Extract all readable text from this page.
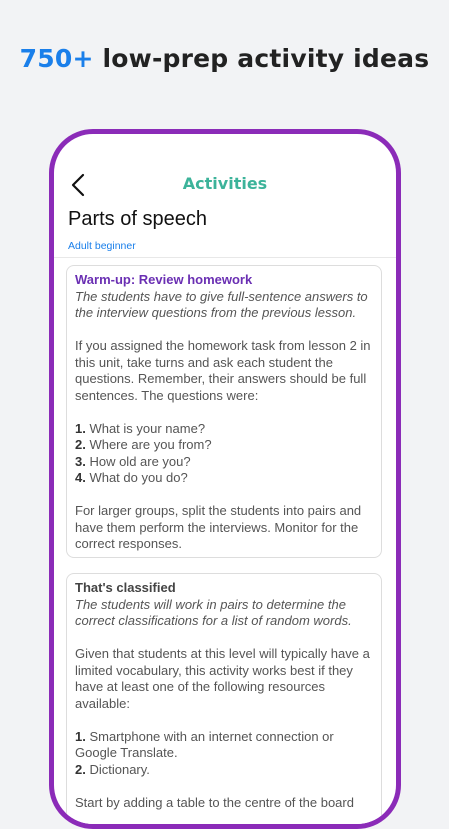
750+ low-prep activity ideas
Activities
Parts of speech
Adult beginner
Warm-up: Review homework
The students have to give full-sentence answers to the interview questions from the previous lesson.
If you assigned the homework task from lesson 2 in this unit, take turns and ask each student the questions. Remember, their answers should be full sentences. The questions were:
1. What is your name?
2. Where are you from?
3. How old are you?
4. What do you do?
For larger groups, split the students into pairs and have them perform the interviews. Monitor for the correct responses.
That's classified
The students will work in pairs to determine the correct classifications for a list of random words.
Given that students at this level will typically have a limited vocabulary, this activity works best if they have at least one of the following resources available:
1. Smartphone with an internet connection or Google Translate.
2. Dictionary.
Start by adding a table to the centre of the board
